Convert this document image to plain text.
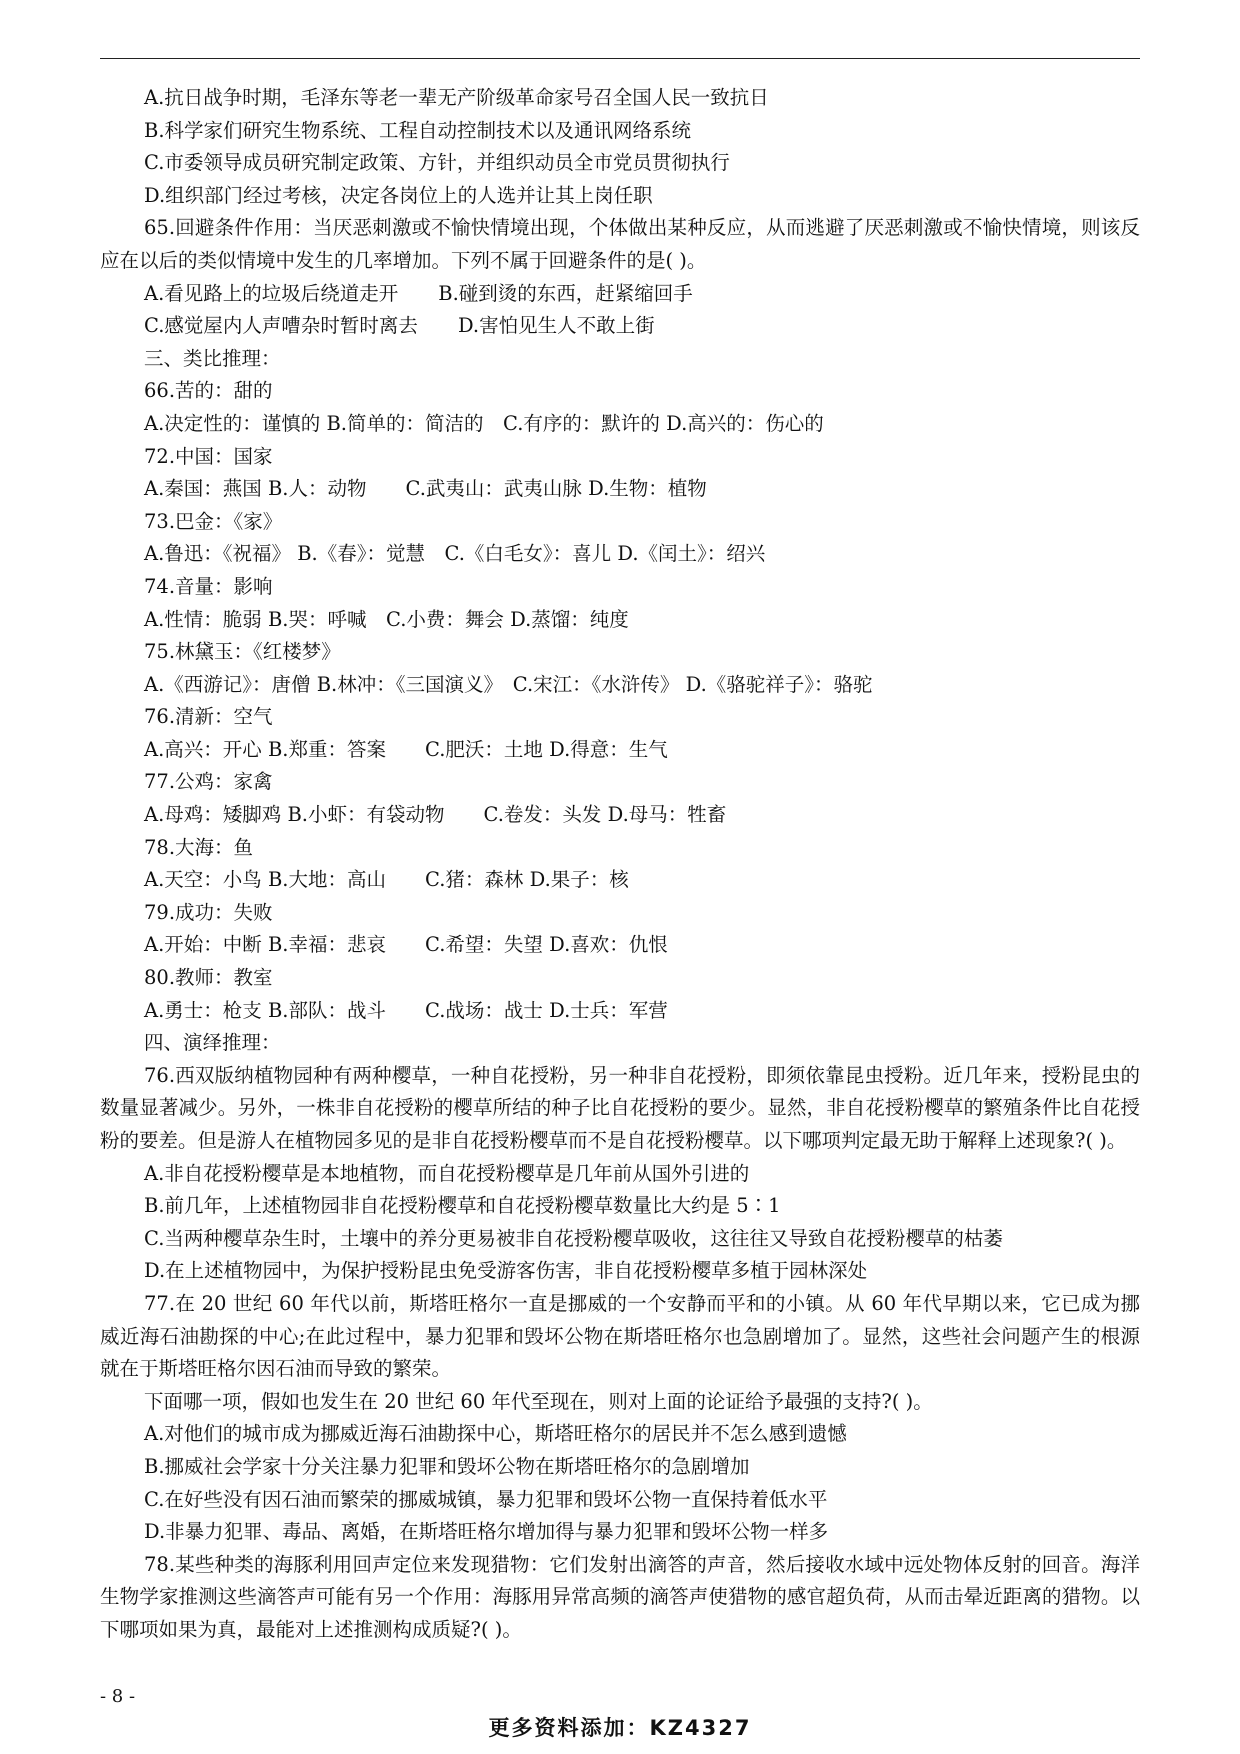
A.抗日战争时期，毛泽东等老一辈无产阶级革命家号召全国人民一致抗日
B.科学家们研究生物系统、工程自动控制技术以及通讯网络系统
C.市委领导成员研究制定政策、方针，并组织动员全市党员贯彻执行
D.组织部门经过考核，决定各岗位上的人选并让其上岗任职
65.回避条件作用：当厌恶刺激或不愉快情境出现，个体做出某种反应，从而逃避了厌恶刺激或不愉快情境，则该反应在以后的类似情境中发生的几率增加。下列不属于回避条件的是( )。
A.看见路上的垃圾后绕道走开 B.碰到烫的东西，赶紧缩回手
C.感觉屋内人声嘈杂时暂时离去 D.害怕见生人不敢上街
三、类比推理：
66.苦的：甜的
A.决定性的：谨慎的 B.简单的：简洁的　C.有序的：默许的 D.高兴的：伤心的
72.中国：国家
A.秦国：燕国 B.人：动物　　C.武夷山：武夷山脉 D.生物：植物
73.巴金：《家》
A.鲁迅：《祝福》 B.《春》：觉慧　C.《白毛女》：喜儿 D.《闰土》：绍兴
74.音量：影响
A.性情：脆弱 B.哭：呼喊　C.小费：舞会 D.蒸馏：纯度
75.林黛玉：《红楼梦》
A.《西游记》：唐僧 B.林冲：《三国演义》　C.宋江：《水浒传》 D.《骆驼祥子》：骆驼
76.清新：空气
A.高兴：开心 B.郑重：答案　　C.肥沃：土地 D.得意：生气
77.公鸡：家禽
A.母鸡：矮脚鸡 B.小虾：有袋动物　　C.卷发：头发 D.母马：牲畜
78.大海：鱼
A.天空：小鸟 B.大地：高山　　C.猪：森林 D.果子：核
79.成功：失败
A.开始：中断 B.幸福：悲哀　　C.希望：失望 D.喜欢：仇恨
80.教师：教室
A.勇士：枪支 B.部队：战斗　　C.战场：战士 D.士兵：军营
四、演绎推理：
76.西双版纳植物园种有两种樱草，一种自花授粉，另一种非自花授粉，即须依靠昆虫授粉。近几年来，授粉昆虫的数量显著减少。另外，一株非自花授粉的樱草所结的种子比自花授粉的要少。显然，非自花授粉樱草的繁殖条件比自花授粉的要差。但是游人在植物园多见的是非自花授粉樱草而不是自花授粉樱草。以下哪项判定最无助于解释上述现象?( )。
A.非自花授粉樱草是本地植物，而自花授粉樱草是几年前从国外引进的
B.前几年，上述植物园非自花授粉樱草和自花授粉樱草数量比大约是 5∶1
C.当两种樱草杂生时，土壤中的养分更易被非自花授粉樱草吸收，这往往又导致自花授粉樱草的枯萎
D.在上述植物园中，为保护授粉昆虫免受游客伤害，非自花授粉樱草多植于园林深处
77.在 20 世纪 60 年代以前，斯塔旺格尔一直是挪威的一个安静而平和的小镇。从 60 年代早期以来，它已成为挪威近海石油勘探的中心;在此过程中，暴力犯罪和毁坏公物在斯塔旺格尔也急剧增加了。显然，这些社会问题产生的根源就在于斯塔旺格尔因石油而导致的繁荣。
下面哪一项，假如也发生在 20 世纪 60 年代至现在，则对上面的论证给予最强的支持?( )。
A.对他们的城市成为挪威近海石油勘探中心，斯塔旺格尔的居民并不怎么感到遗憾
B.挪威社会学家十分关注暴力犯罪和毁坏公物在斯塔旺格尔的急剧增加
C.在好些没有因石油而繁荣的挪威城镇，暴力犯罪和毁坏公物一直保持着低水平
D.非暴力犯罪、毒品、离婚，在斯塔旺格尔增加得与暴力犯罪和毁坏公物一样多
78.某些种类的海豚利用回声定位来发现猎物：它们发射出滴答的声音，然后接收水域中远处物体反射的回音。海洋生物学家推测这些滴答声可能有另一个作用：海豚用异常高频的滴答声使猎物的感官超负荷，从而击晕近距离的猎物。以下哪项如果为真，最能对上述推测构成质疑?( )。
- 8 -
更多资料添加：KZ4327
